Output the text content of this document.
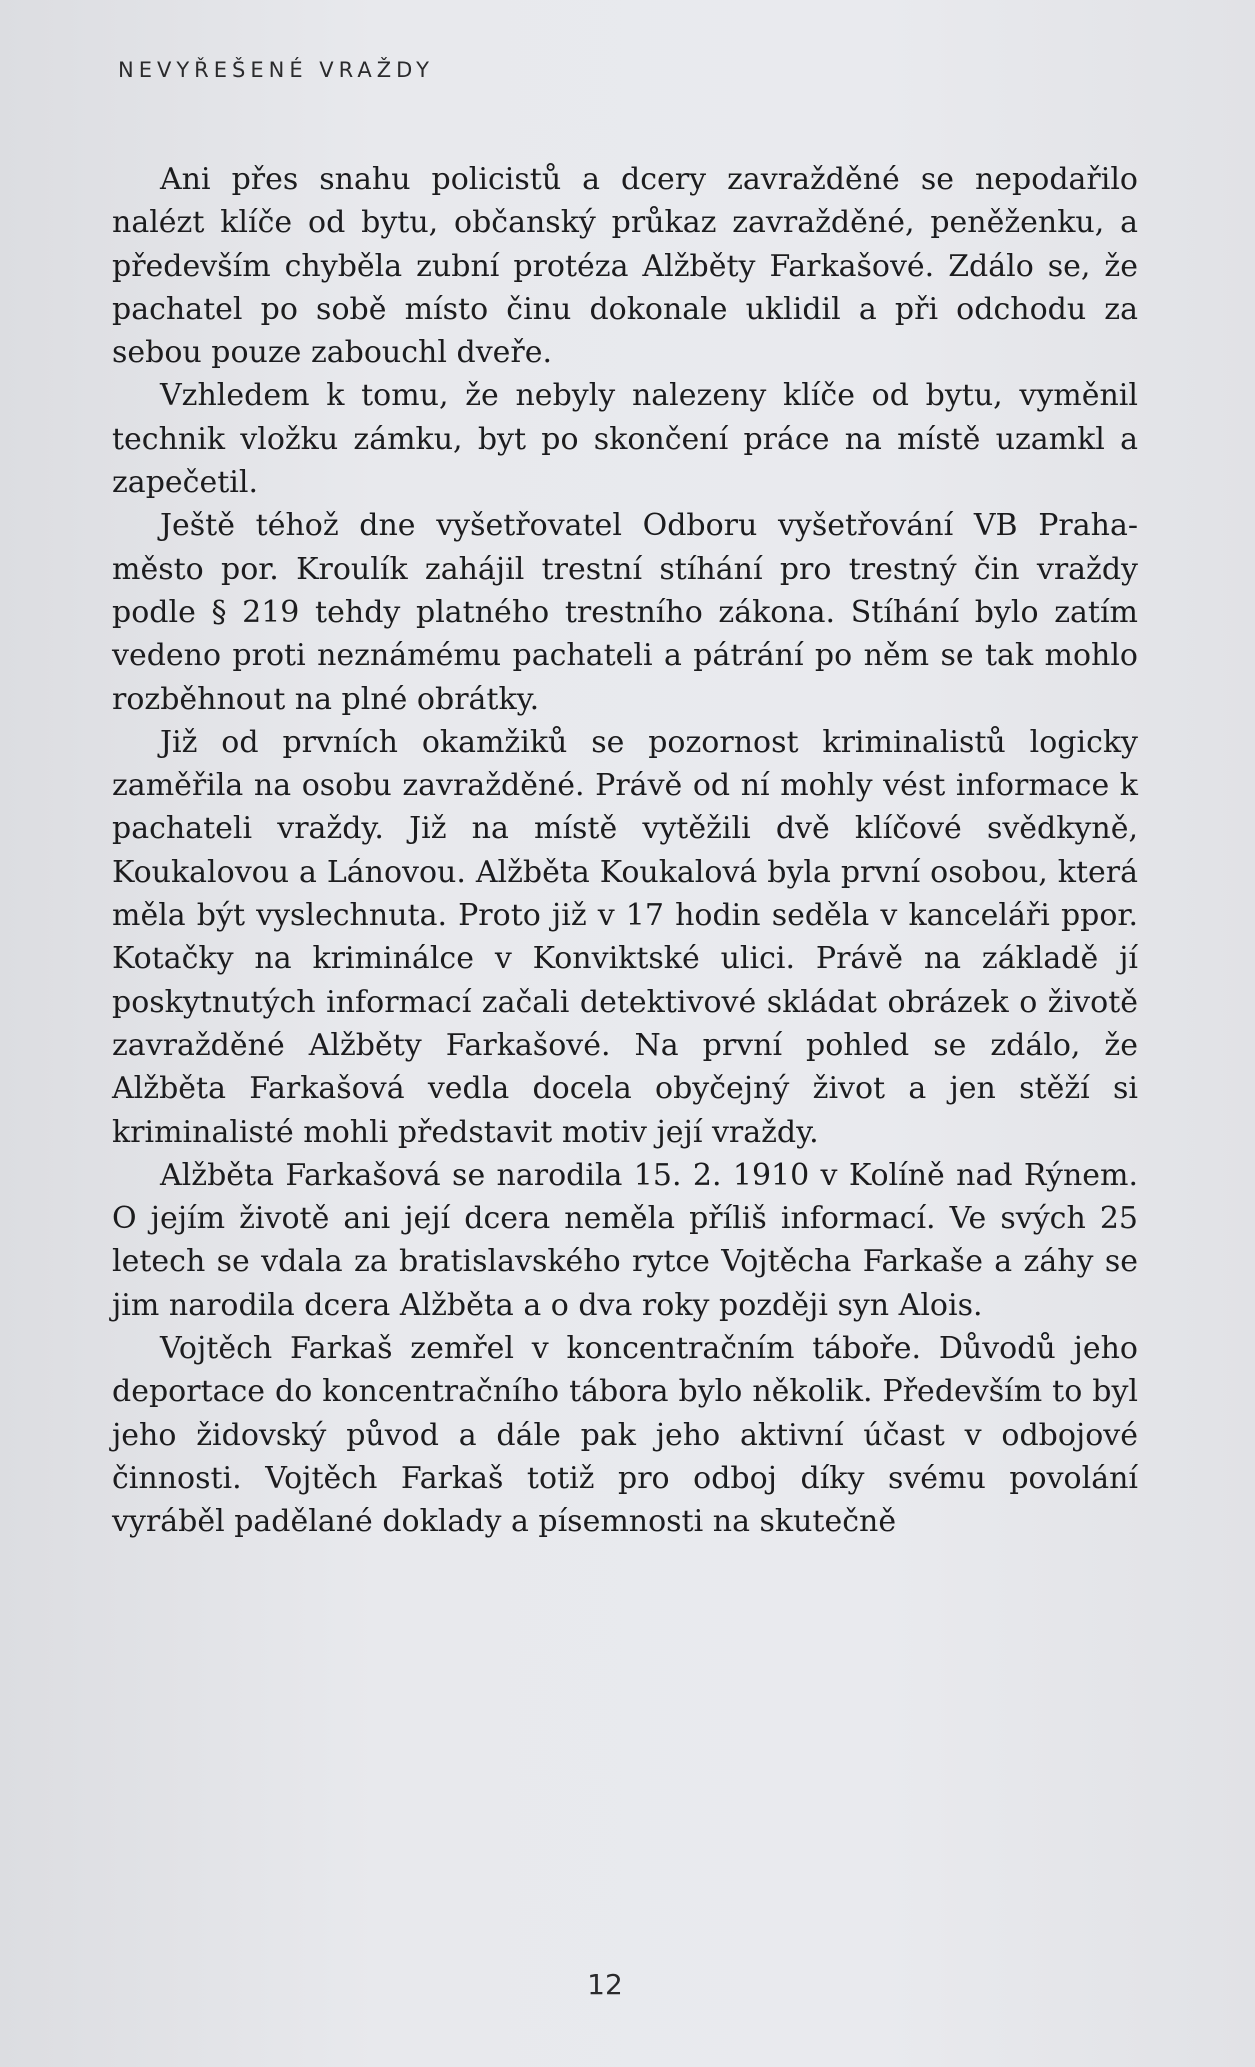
NEVYŘEŠENÉ VRAŽDY

Ani přes snahu policistů a dcery zavražděné se nepodařilo nalézt klíče od bytu, občanský průkaz zavražděné, peněženku, a především chyběla zubní protéza Alžběty Farkašové. Zdálo se, že pachatel po sobě místo činu dokonale uklidil a při odchodu za sebou pouze zabouchl dveře.

Vzhledem k tomu, že nebyly nalezeny klíče od bytu, vyměnil technik vložku zámku, byt po skončení práce na místě uzamkl a zapečetil.

Ještě téhož dne vyšetřovatel Odboru vyšetřování VB Praha-město por. Kroulík zahájil trestní stíhání pro trestný čin vraždy podle § 219 tehdy platného trestního zákona. Stíhání bylo zatím vedeno proti neznámému pachateli a pátrání po něm se tak mohlo rozběhnout na plné obrátky.

Již od prvních okamžiků se pozornost kriminalistů logicky zaměřila na osobu zavražděné. Právě od ní mohly vést informace k pachateli vraždy. Již na místě vytěžili dvě klíčové svědkyně, Koukalovou a Lánovou. Alžběta Koukalová byla první osobou, která měla být vyslechnuta. Proto již v 17 hodin seděla v kanceláři ppor. Kotačky na kriminálce v Konviktské ulici. Právě na základě jí poskytnutých informací začali detektivové skládat obrázek o životě zavražděné Alžběty Farkašové. Na první pohled se zdálo, že Alžběta Farkašová vedla docela obyčejný život a jen stěží si kriminalisté mohli představit motiv její vraždy.

Alžběta Farkašová se narodila 15. 2. 1910 v Kolíně nad Rýnem. O jejím životě ani její dcera neměla příliš informací. Ve svých 25 letech se vdala za bratislavského rytce Vojtěcha Farkaše a záhy se jim narodila dcera Alžběta a o dva roky později syn Alois.

Vojtěch Farkaš zemřel v koncentračním táboře. Důvodů jeho deportace do koncentračního tábora bylo několik. Především to byl jeho židovský původ a dále pak jeho aktivní účast v odbojové činnosti. Vojtěch Farkaš totiž pro odboj díky svému povolání vyráběl padělané doklady a písemnosti na skutečně

12
